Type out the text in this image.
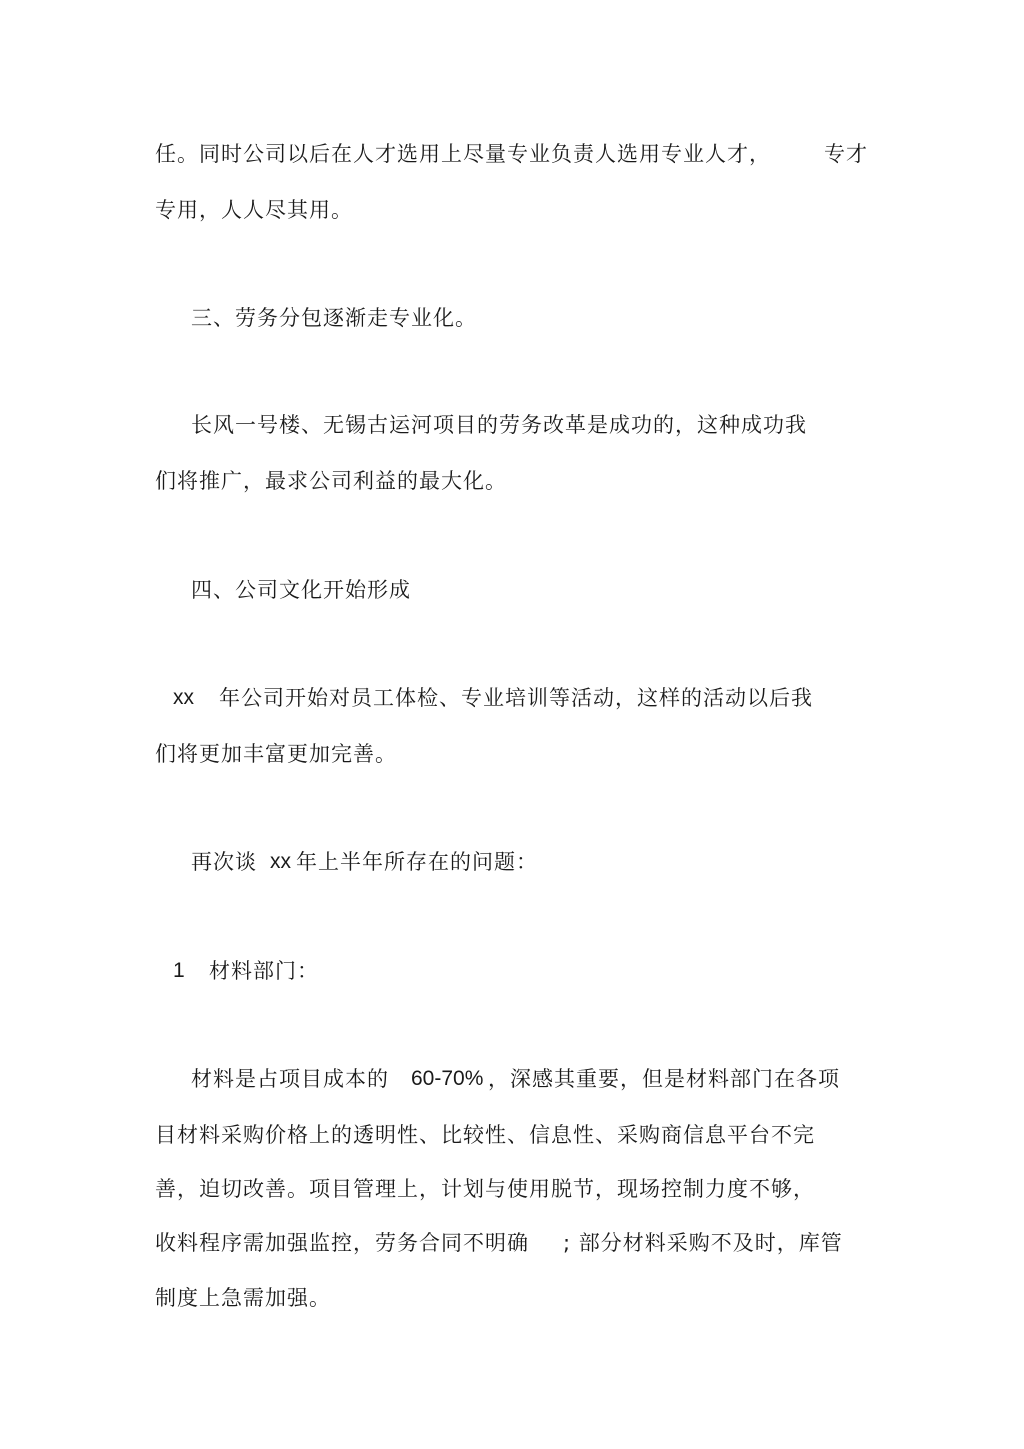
任。同时公司以后在人才选用上尽量专业负责人选用专业人才，	专才
专用，人人尽其用。
三、劳务分包逐渐走专业化。
长风一号楼、无锡古运河项目的劳务改革是成功的，这种成功我
们将推广，最求公司利益的最大化。
四、公司文化开始形成
xx 年公司开始对员工体检、专业培训等活动，这样的活动以后我
们将更加丰富更加完善。
再次谈 xx 年上半年所存在的问题：
1 材料部门：
材料是占项目成本的 60-70% ，深感其重要，但是材料部门在各项
目材料采购价格上的透明性、比较性、信息性、采购商信息平台不完
善，迫切改善。项目管理上，计划与使用脱节，现场控制力度不够，
收料程序需加强监控，劳务合同不明确 ; 部分材料采购不及时，库管
制度上急需加强。
